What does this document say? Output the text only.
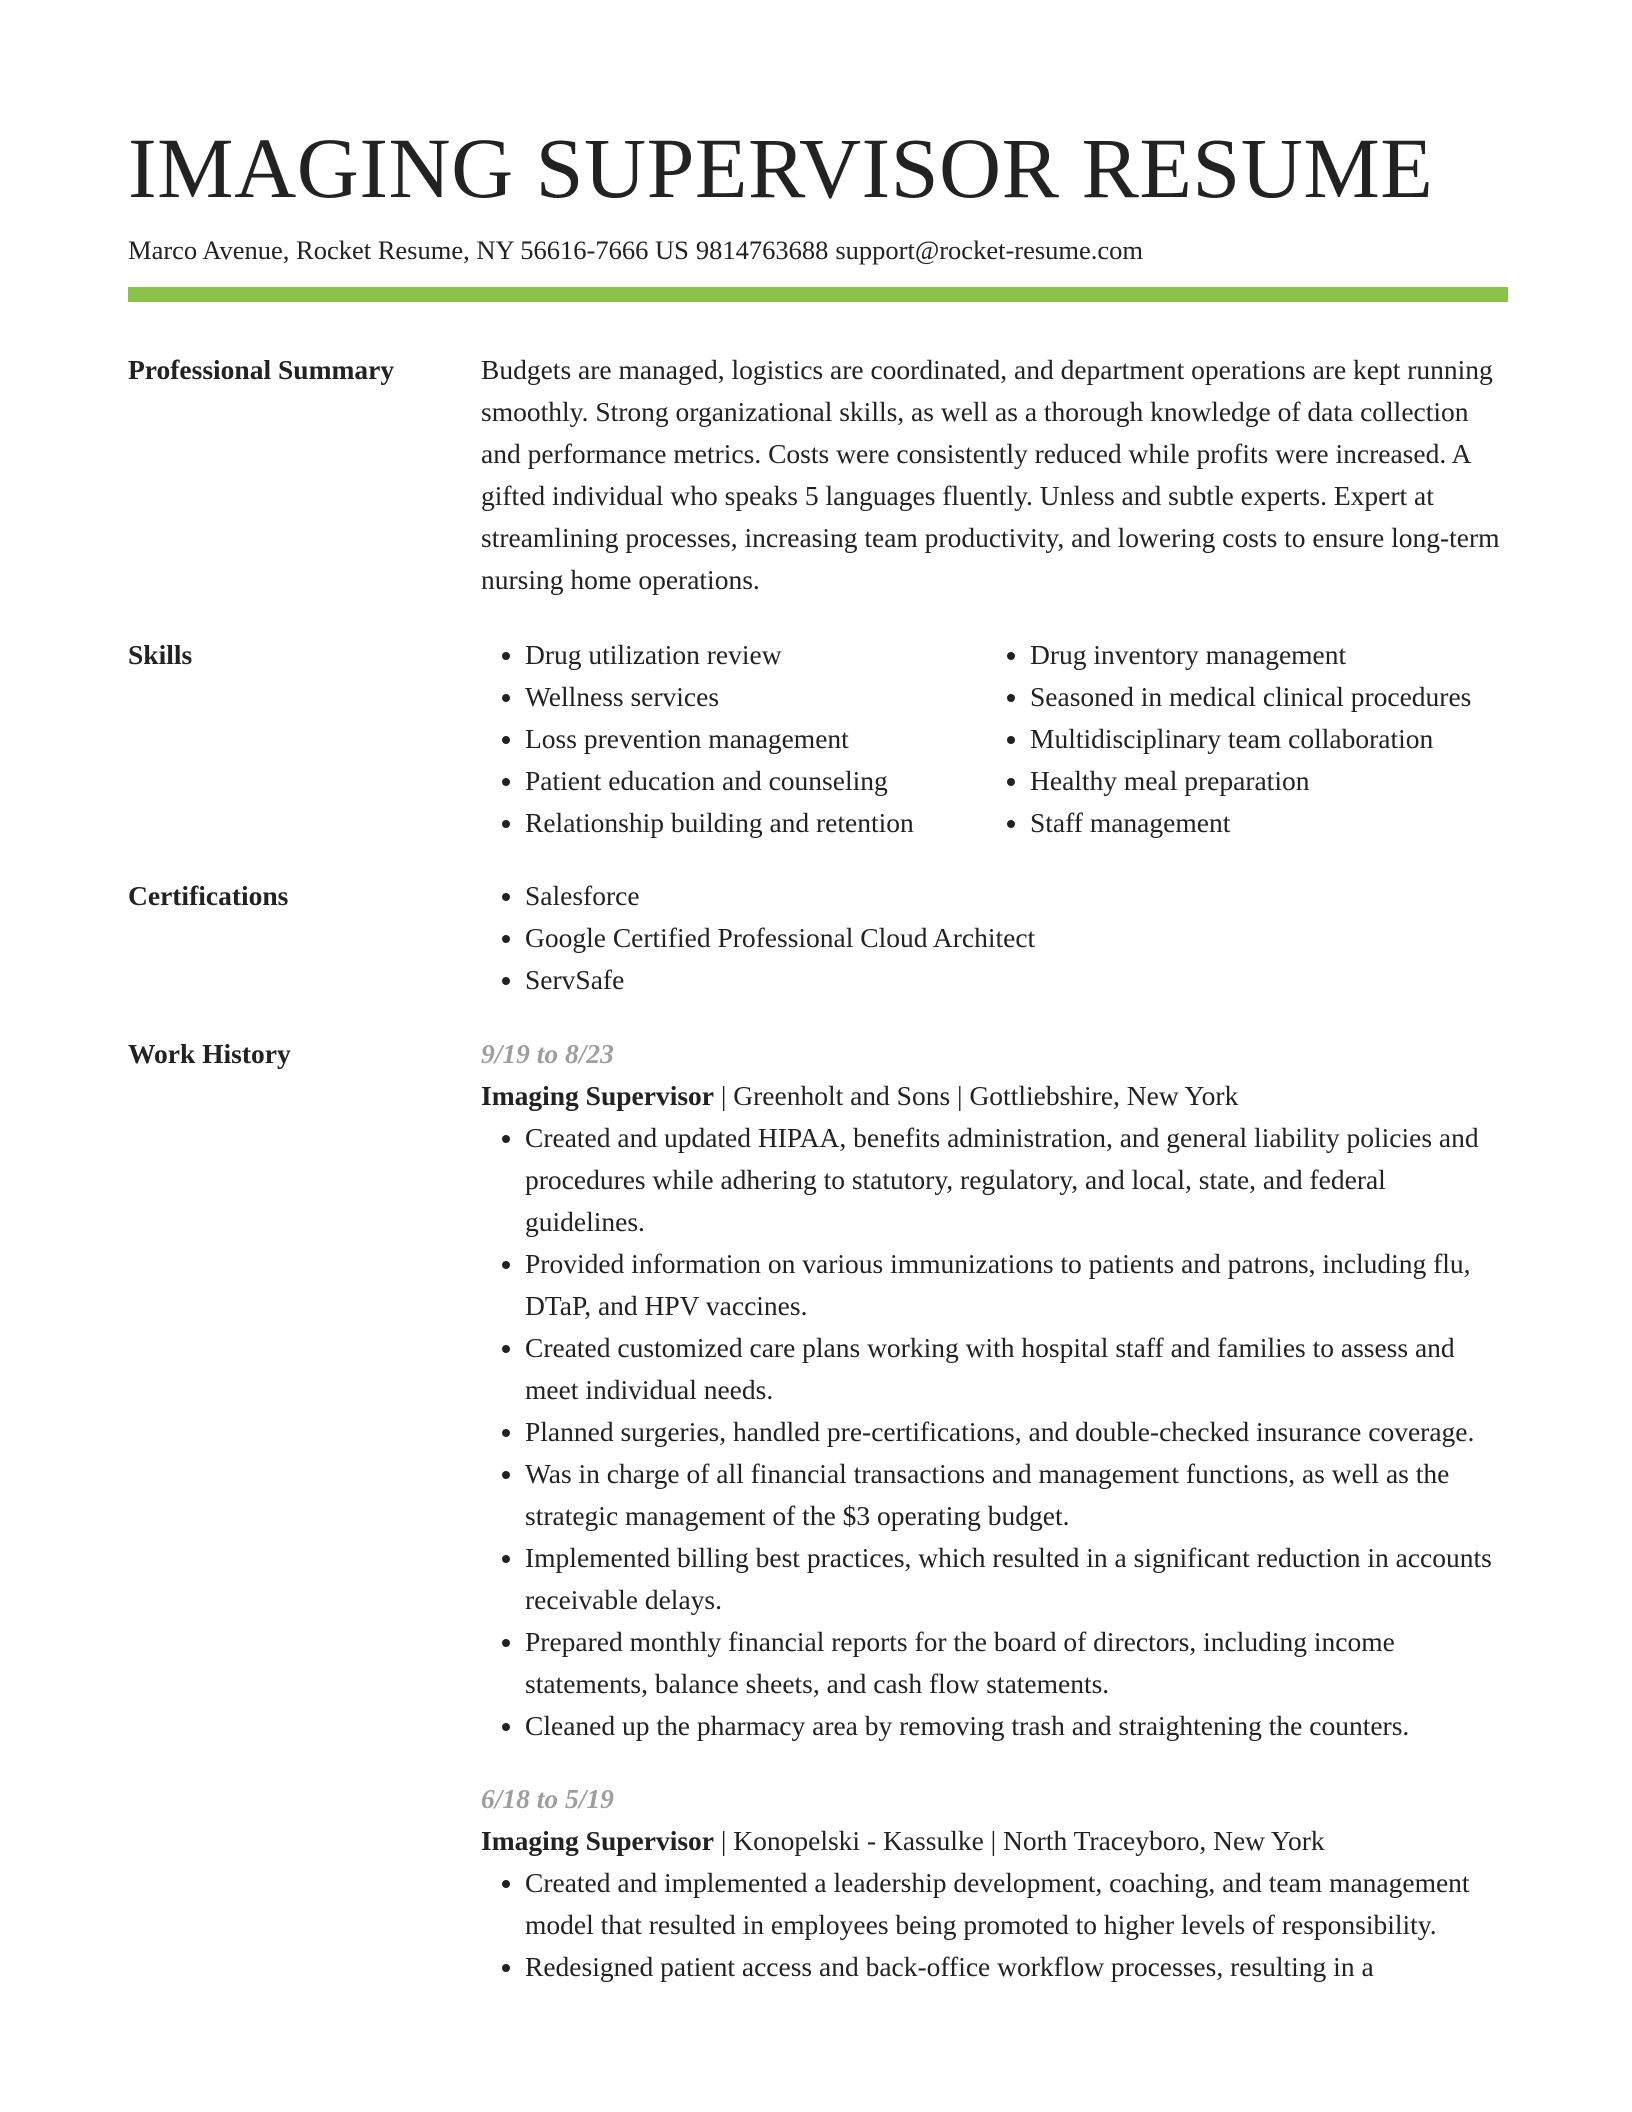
IMAGING SUPERVISOR RESUME
Marco Avenue, Rocket Resume, NY 56616-7666 US 9814763688 support@rocket-resume.com
Professional Summary	Budgets are managed, logistics are coordinated, and department operations are kept running smoothly. Strong organizational skills, as well as a thorough knowledge of data collection and performance metrics. Costs were consistently reduced while profits were increased. A gifted individual who speaks 5 languages fluently. Unless and subtle experts. Expert at streamlining processes, increasing team productivity, and lowering costs to ensure long-term nursing home operations.

Skills	• Drug utilization review
• Wellness services
• Loss prevention management
• Patient education and counseling
• Relationship building and retention
• Drug inventory management
• Seasoned in medical clinical procedures
• Multidisciplinary team collaboration
• Healthy meal preparation
• Staff management
Certifications	• Salesforce
• Google Certified Professional Cloud Architect
• ServSafe
Work History	9/19 to 8/23
Imaging Supervisor | Greenholt and Sons | Gottliebshire, New York
• Created and updated HIPAA, benefits administration, and general liability policies and procedures while adhering to statutory, regulatory, and local, state, and federal guidelines.
• Provided information on various immunizations to patients and patrons, including flu, DTaP, and HPV vaccines.
• Created customized care plans working with hospital staff and families to assess and meet individual needs.
• Planned surgeries, handled pre-certifications, and double-checked insurance coverage.
• Was in charge of all financial transactions and management functions, as well as the strategic management of the $3 operating budget.
• Implemented billing best practices, which resulted in a significant reduction in accounts receivable delays.
• Prepared monthly financial reports for the board of directors, including income statements, balance sheets, and cash flow statements.
• Cleaned up the pharmacy area by removing trash and straightening the counters.
6/18 to 5/19
Imaging Supervisor | Konopelski - Kassulke | North Traceyboro, New York
• Created and implemented a leadership development, coaching, and team management model that resulted in employees being promoted to higher levels of responsibility.
• Redesigned patient access and back-office workflow processes, resulting in a
